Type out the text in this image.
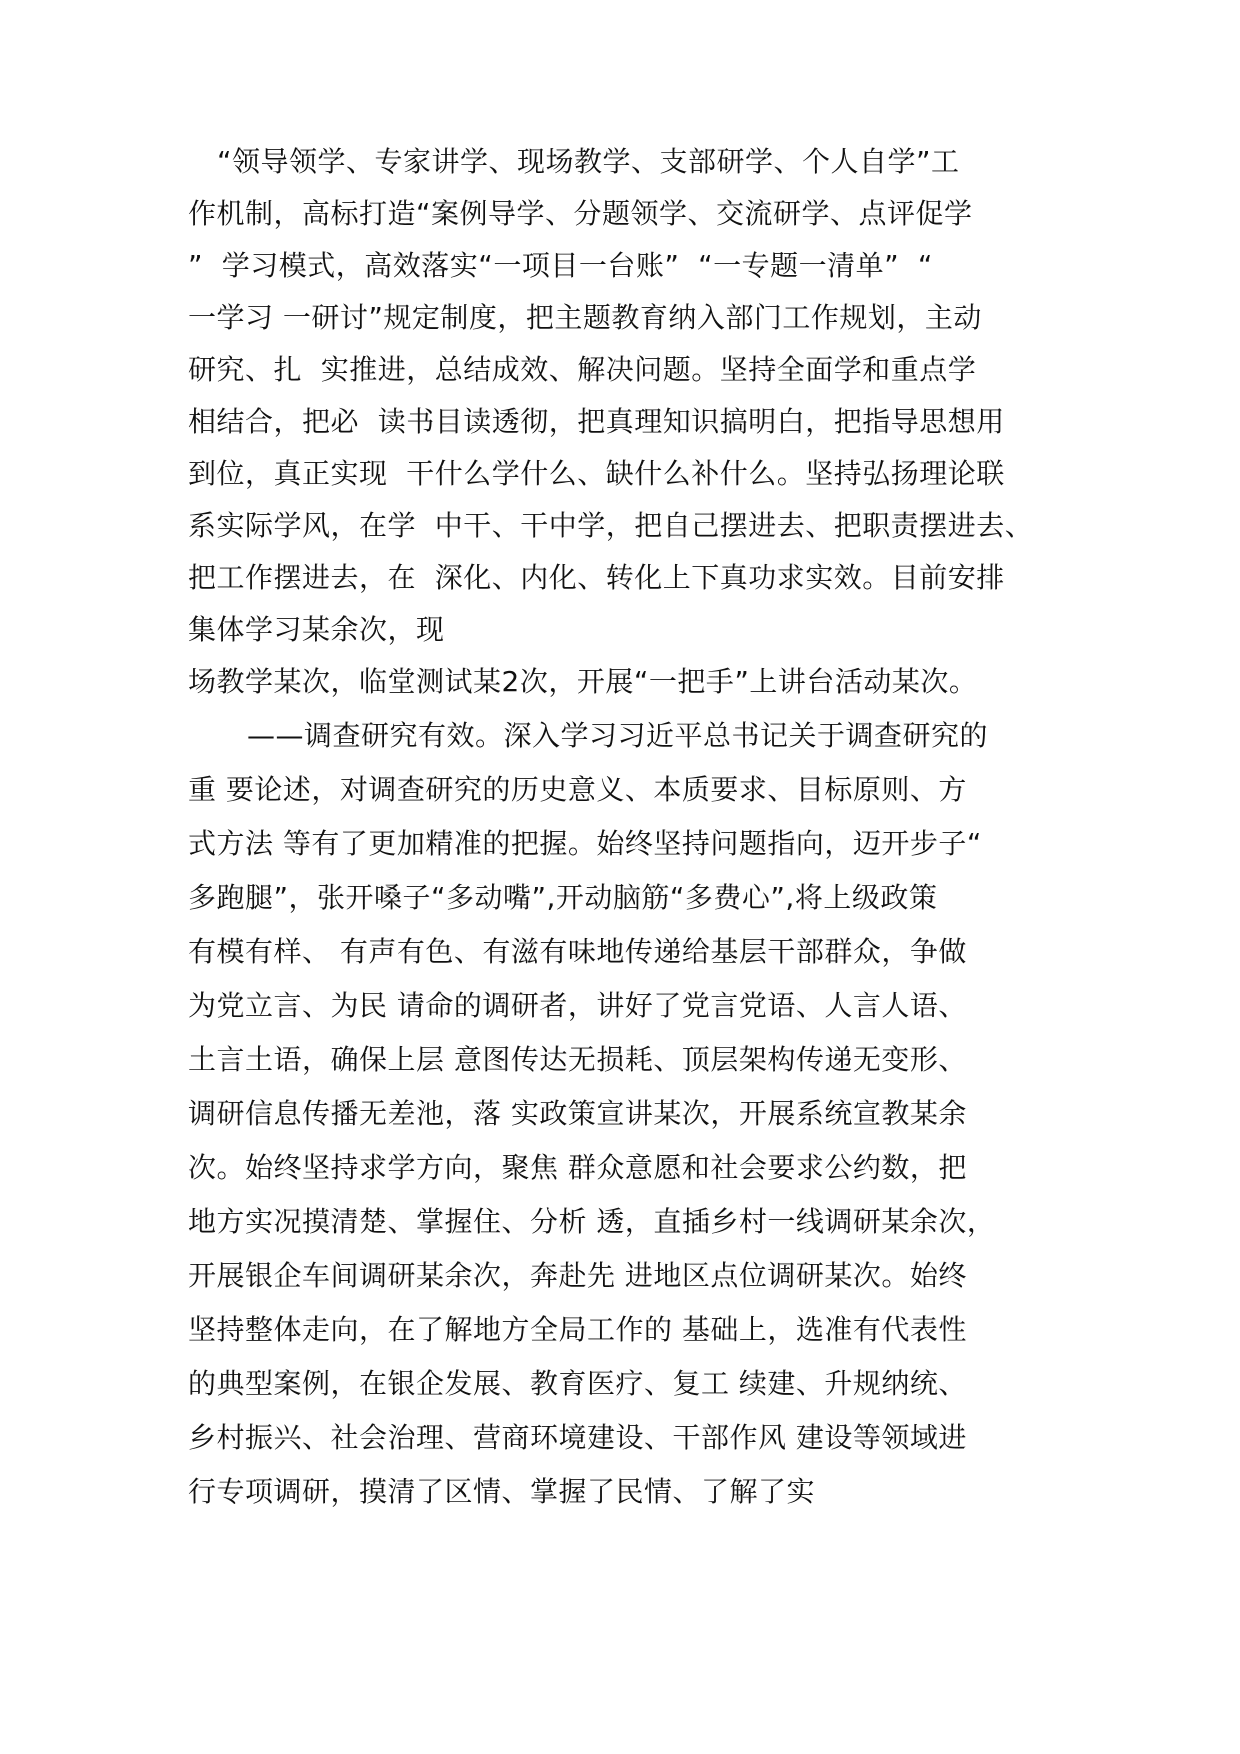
“领导领学、专家讲学、现场教学、支部研学、个人自学”工
作机制，高标打造“案例导学、分题领学、交流研学、点评促学
”  学习模式，高效落实“一项目一台账”  “一专题一清单”  “
一学习 一研讨”规定制度，把主题教育纳入部门工作规划，主动
研究、扎  实推进，总结成效、解决问题。坚持全面学和重点学
相结合，把必  读书目读透彻，把真理知识搞明白，把指导思想用
到位，真正实现  干什么学什么、缺什么补什么。坚持弘扬理论联
系实际学风，在学  中干、干中学，把自己摆进去、把职责摆进去、
把工作摆进去，在  深化、内化、转化上下真功求实效。目前安排
集体学习某余次，现
场教学某次，临堂测试某2次，开展“一把手”上讲台活动某次。
——调查研究有效。深入学习习近平总书记关于调查研究的
重 要论述，对调查研究的历史意义、本质要求、目标原则、方
式方法 等有了更加精准的把握。始终坚持问题指向，迈开步子“
多跑腿”，张开嗓子“多动嘴”,开动脑筋“多费心”,将上级政策
有模有样、 有声有色、有滋有味地传递给基层干部群众，争做
为党立言、为民 请命的调研者，讲好了党言党语、人言人语、
土言土语，确保上层 意图传达无损耗、顶层架构传递无变形、
调研信息传播无差池，落 实政策宣讲某次，开展系统宣教某余
次。始终坚持求学方向，聚焦 群众意愿和社会要求公约数，把
地方实况摸清楚、掌握住、分析 透，直插乡村一线调研某余次，
开展银企车间调研某余次，奔赴先 进地区点位调研某次。始终
坚持整体走向，在了解地方全局工作的 基础上，选准有代表性
的典型案例，在银企发展、教育医疗、复工 续建、升规纳统、
乡村振兴、社会治理、营商环境建设、干部作风 建设等领域进
行专项调研，摸清了区情、掌握了民情、了解了实
